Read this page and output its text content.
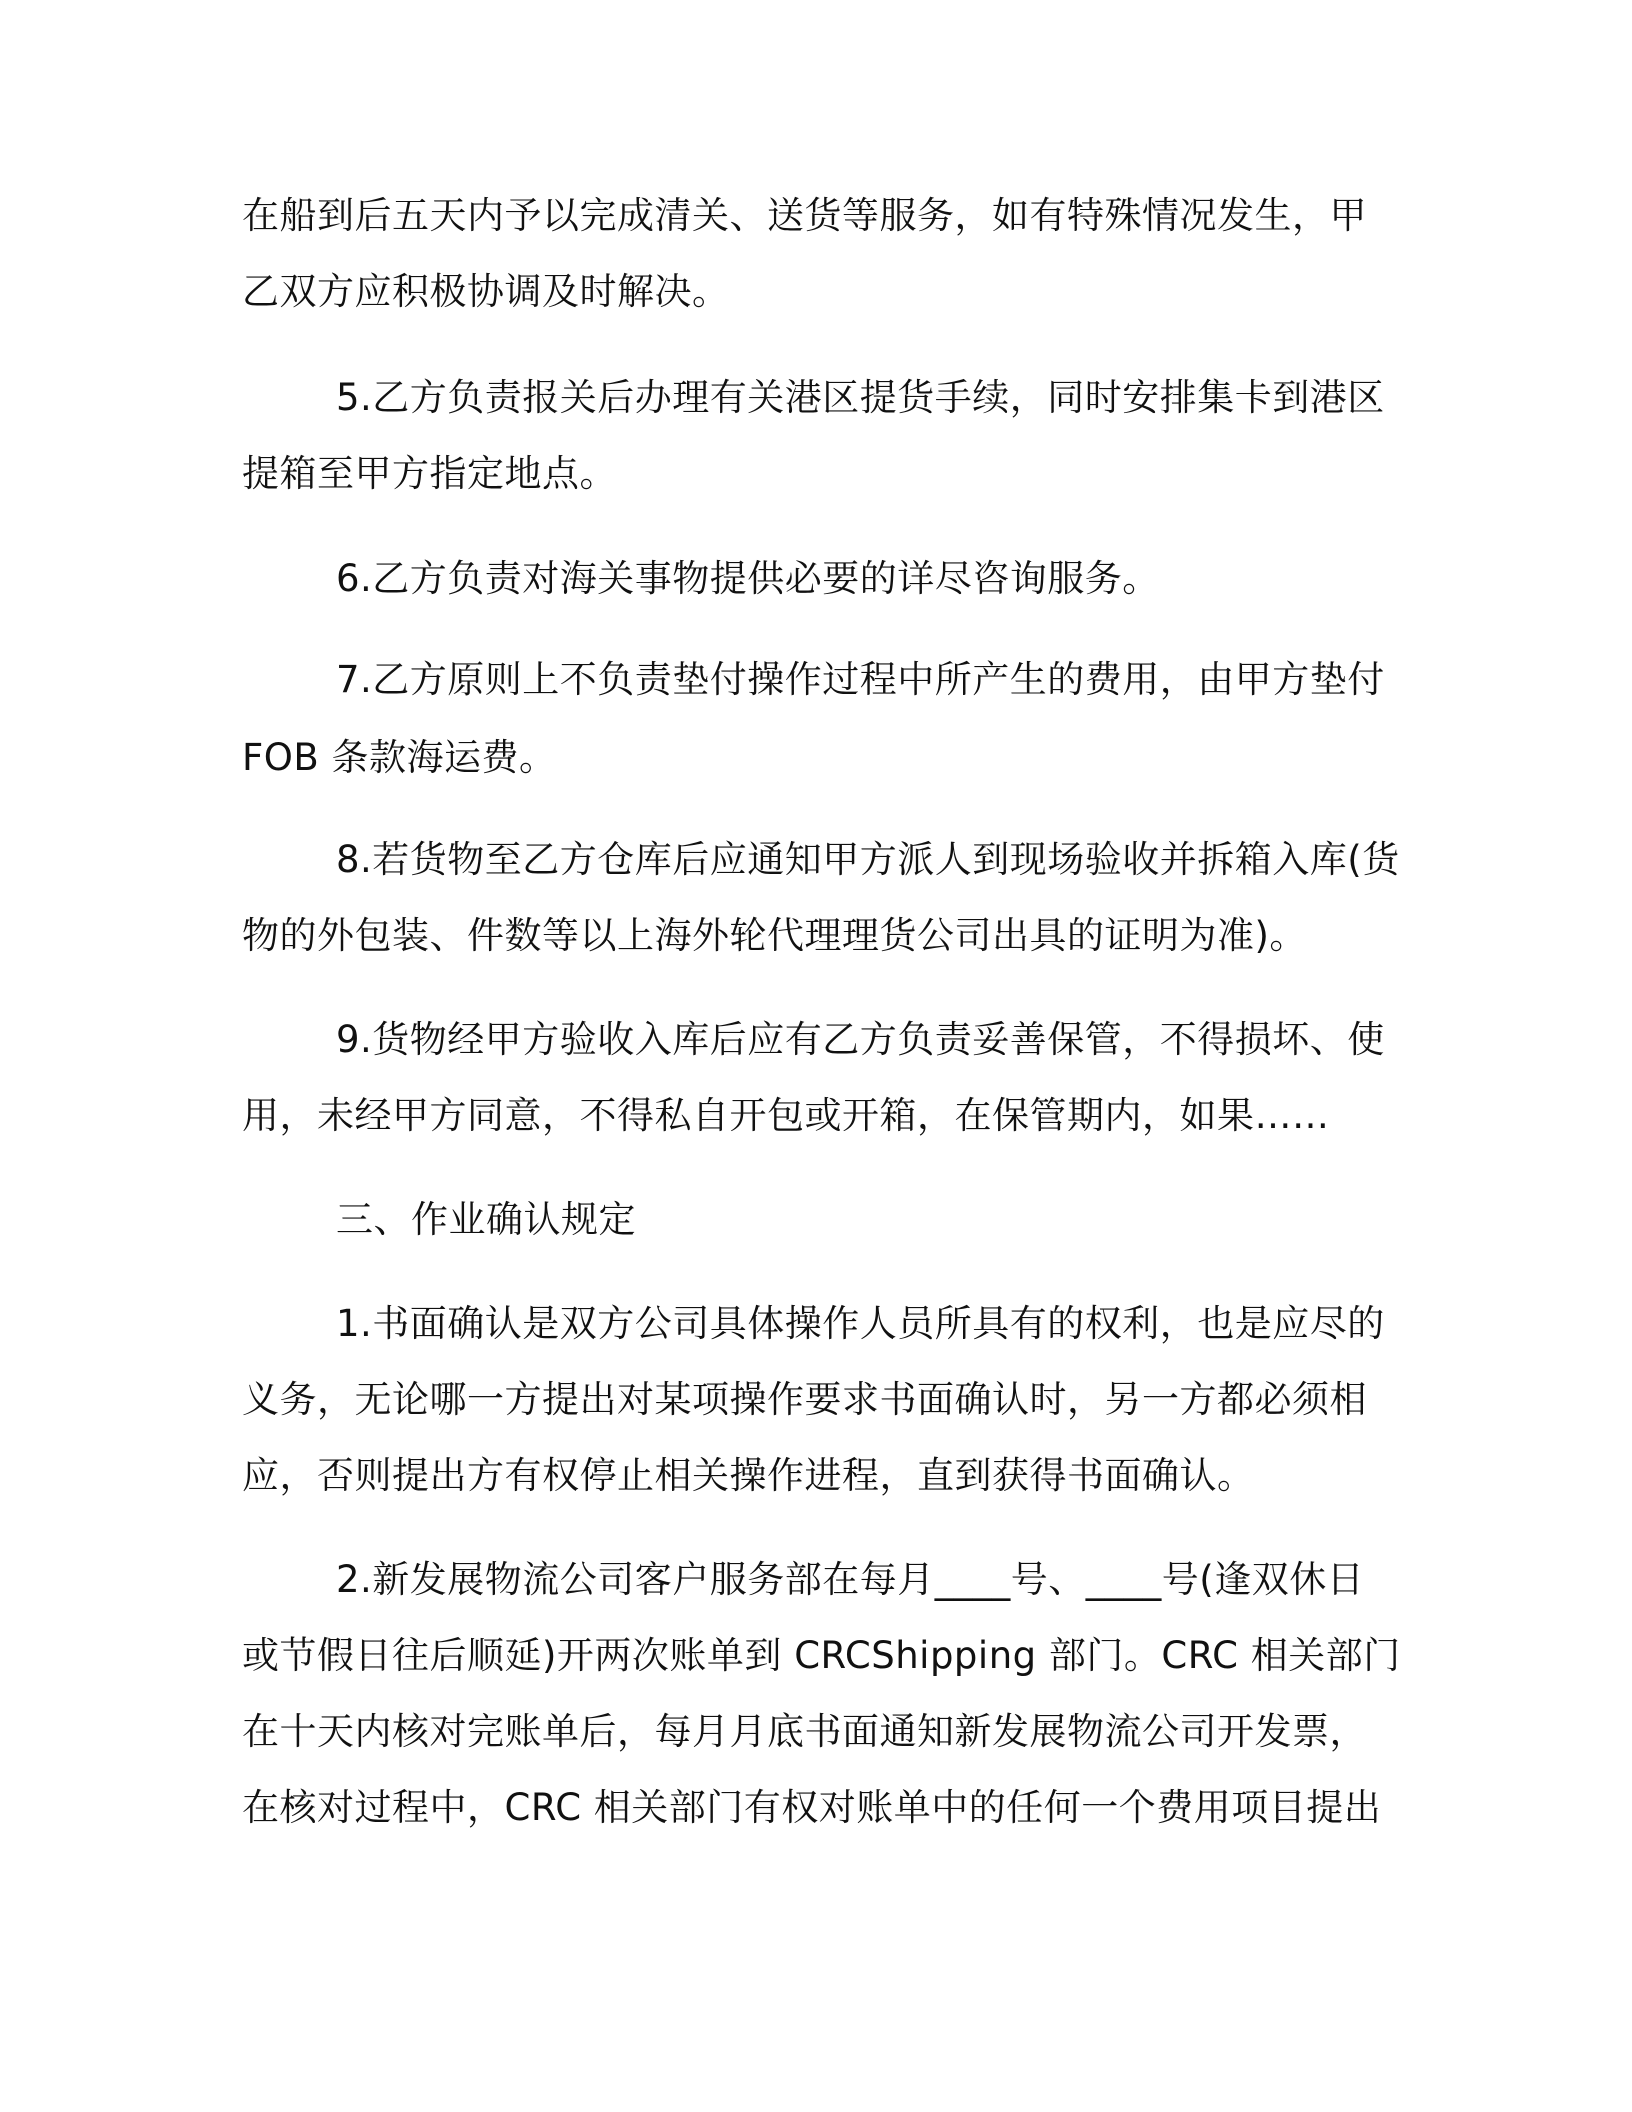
在船到后五天内予以完成清关、送货等服务，如有特殊情况发生，甲

乙双方应积极协调及时解决。

5.乙方负责报关后办理有关港区提货手续，同时安排集卡到港区

提箱至甲方指定地点。

6.乙方负责对海关事物提供必要的详尽咨询服务。

7.乙方原则上不负责垫付操作过程中所产生的费用，由甲方垫付

FOB 条款海运费。

8.若货物至乙方仓库后应通知甲方派人到现场验收并拆箱入库(货

物的外包装、件数等以上海外轮代理理货公司出具的证明为准)。

9.货物经甲方验收入库后应有乙方负责妥善保管，不得损坏、使

用，未经甲方同意，不得私自开包或开箱，在保管期内，如果……

三、作业确认规定

1.书面确认是双方公司具体操作人员所具有的权利，也是应尽的

义务，无论哪一方提出对某项操作要求书面确认时，另一方都必须相

应，否则提出方有权停止相关操作进程，直到获得书面确认。

2.新发展物流公司客户服务部在每月____号、____号(逢双休日

或节假日往后顺延)开两次账单到 CRCShipping 部门。CRC 相关部门

在十天内核对完账单后，每月月底书面通知新发展物流公司开发票，

在核对过程中，CRC 相关部门有权对账单中的任何一个费用项目提出
